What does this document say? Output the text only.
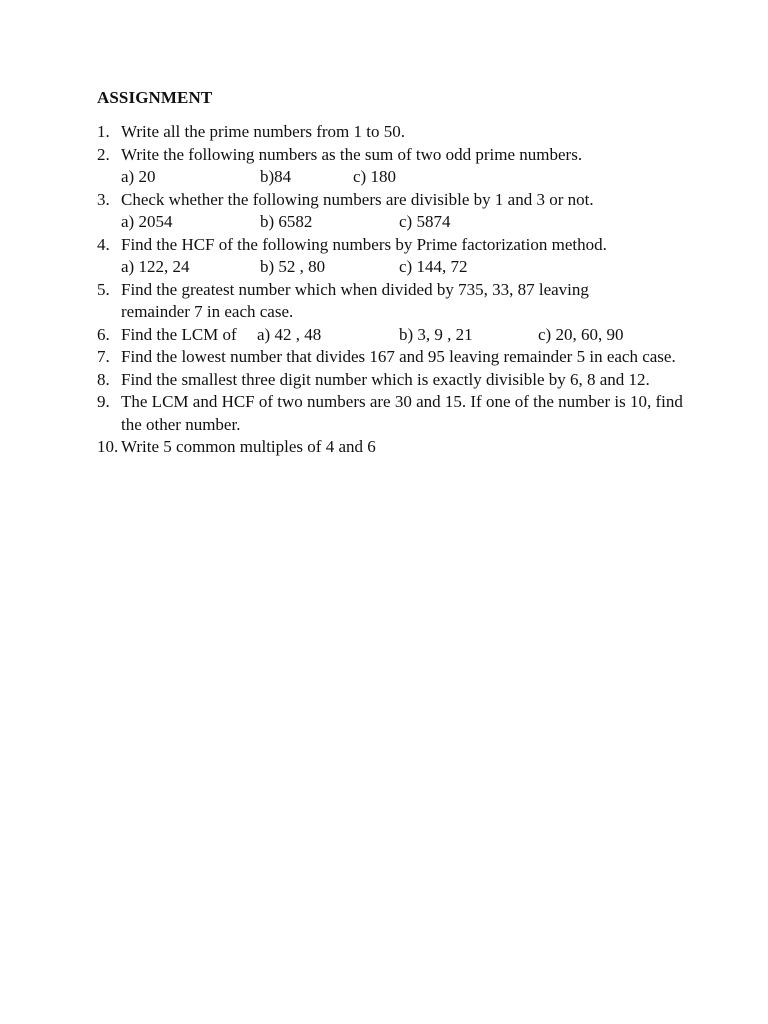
ASSIGNMENT
1. Write all the prime numbers from 1 to 50.
2. Write the following numbers as the sum of two odd prime numbers.
a) 20	b)84	c) 180
3. Check whether the following numbers are divisible by 1 and 3 or not.
a) 2054	b) 6582	c) 5874
4. Find the HCF of the following numbers by Prime factorization method.
a) 122, 24	b) 52 , 80	c) 144, 72
5. Find the greatest number which when divided by 735, 33, 87 leaving remainder 7 in each case.
6. Find the LCM of a) 42 , 48	b) 3, 9 , 21	c) 20, 60, 90
7. Find the lowest number that divides 167 and 95 leaving remainder 5 in each case.
8. Find the smallest three digit number which is exactly divisible by 6, 8 and 12.
9. The LCM and HCF of two numbers are 30 and 15. If one of the number is 10, find the other number.
10. Write 5 common multiples of 4 and 6
